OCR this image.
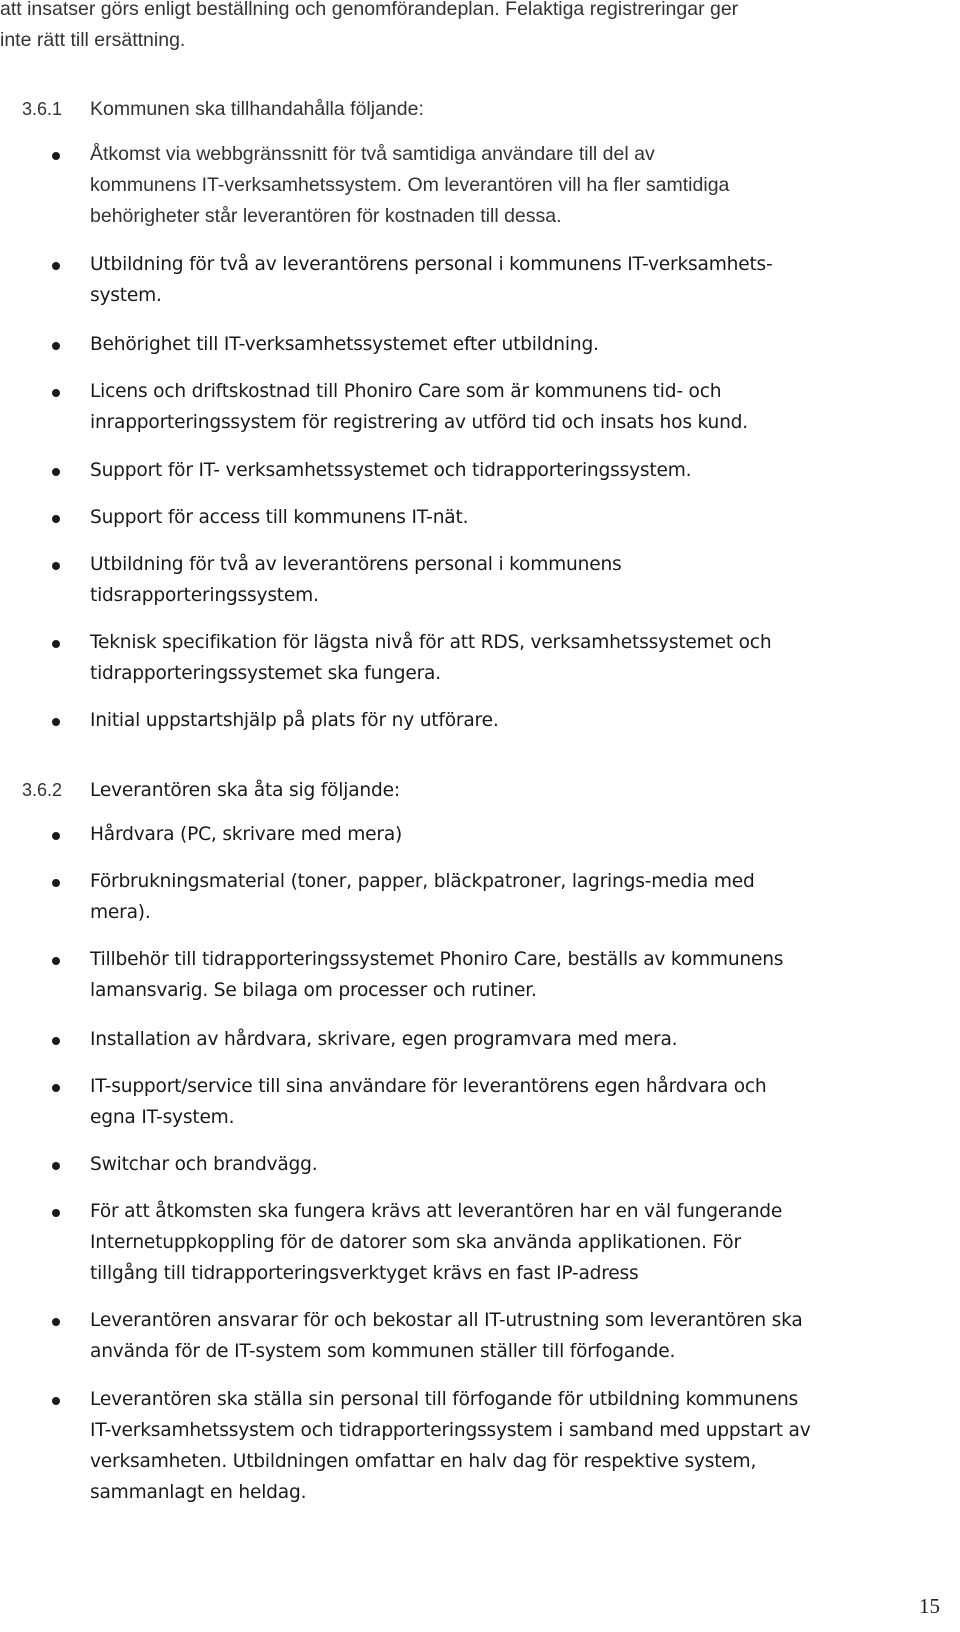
att insatser görs enligt beställning och genomförandeplan. Felaktiga registreringar ger
inte rätt till ersättning.
3.6.1 Kommunen ska tillhandahålla följande:
Åtkomst via webbgränssnitt för två samtidiga användare till del av
kommunens IT-verksamhetssystem. Om leverantören vill ha fler samtidiga
behörigheter står leverantören för kostnaden till dessa.
Utbildning för två av leverantörens personal i kommunens IT-verksamhets-
system.
Behörighet till IT-verksamhetssystemet efter utbildning.
Licens och driftskostnad till Phoniro Care som är kommunens tid- och
inrapporteringssystem för registrering av utförd tid och insats hos kund.
Support för IT- verksamhetssystemet och tidrapporteringssystem.
Support för access till kommunens IT-nät.
Utbildning för två av leverantörens personal i kommunens
tidsrapporteringssystem.
Teknisk specifikation för lägsta nivå för att RDS, verksamhetssystemet och
tidrapporteringssystemet ska fungera.
Initial uppstartshjälp på plats för ny utförare.
3.6.2 Leverantören ska åta sig följande:
Hårdvara (PC, skrivare med mera)
Förbrukningsmaterial (toner, papper, bläckpatroner, lagrings-media med
mera).
Tillbehör till tidrapporteringssystemet Phoniro Care, beställs av kommunens
lamansvarig. Se bilaga om processer och rutiner.
Installation av hårdvara, skrivare, egen programvara med mera.
IT-support/service till sina användare för leverantörens egen hårdvara och
egna IT-system.
Switchar och brandvägg.
För att åtkomsten ska fungera krävs att leverantören har en väl fungerande
Internetuppkoppling för de datorer som ska använda applikationen. För
tillgång till tidrapporteringsverktyget krävs en fast IP-adress
Leverantören ansvarar för och bekostar all IT-utrustning som leverantören ska
använda för de IT-system som kommunen ställer till förfogande.
Leverantören ska ställa sin personal till förfogande för utbildning kommunens
IT-verksamhetssystem och tidrapporteringssystem i samband med uppstart av
verksamheten. Utbildningen omfattar en halv dag för respektive system,
sammanlagt en heldag.
15
